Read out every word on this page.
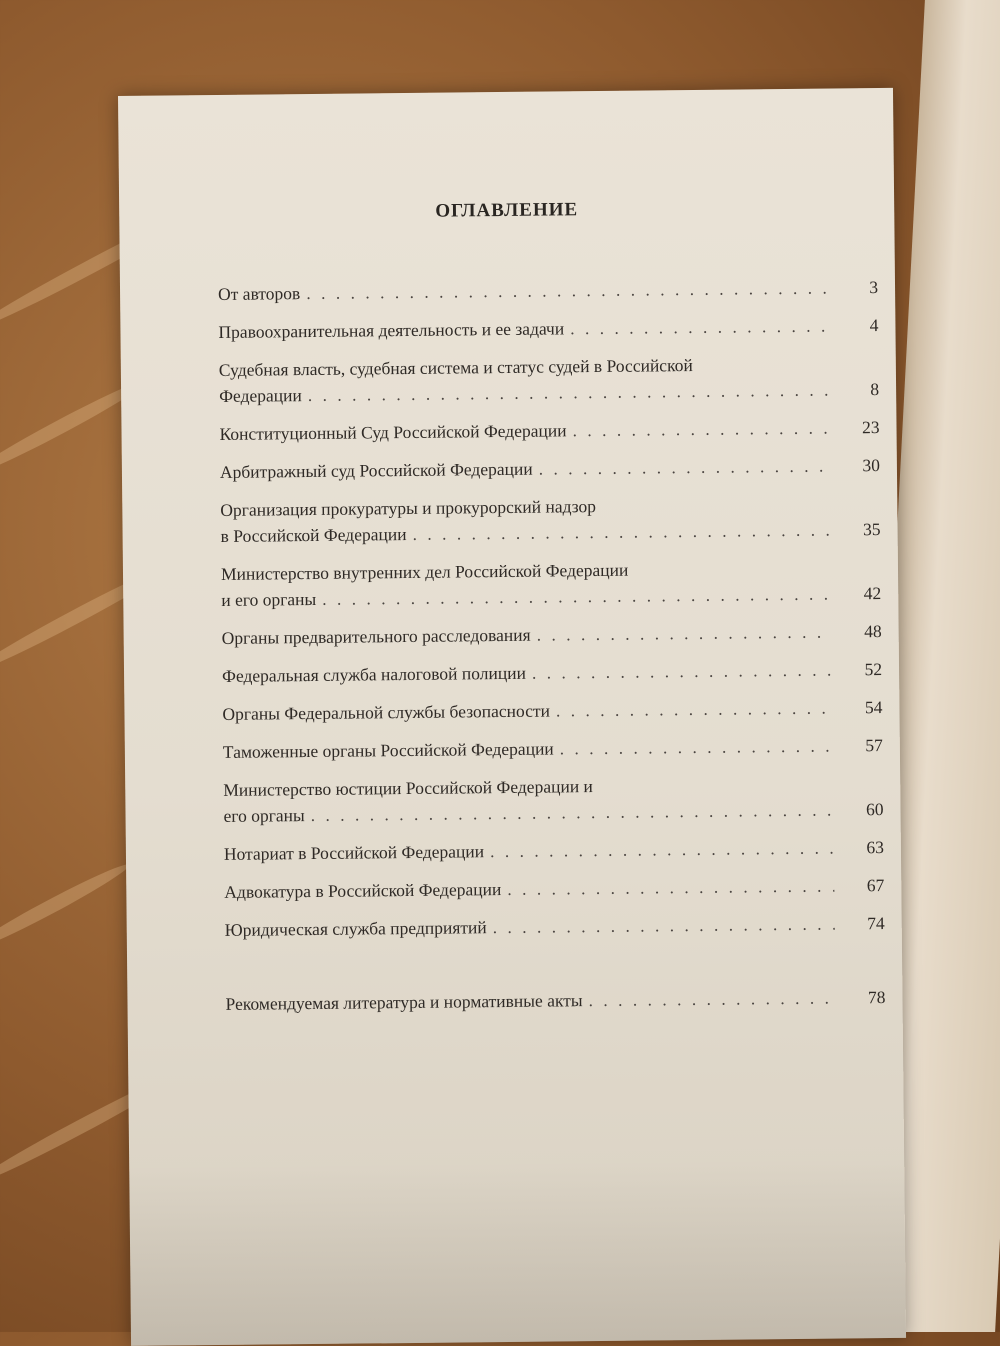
ОГЛАВЛЕНИЕ
От авторов . . .	3
Правоохранительная деятельность и ее задачи . . .	4
Судебная власть, судебная система и статус судей в Российской
Федерации . . .	8
Конституционный Суд Российской Федерации . . .	23
Арбитражный суд Российской Федерации . . .	30
Организация прокуратуры и прокурорский надзор
в Российской Федерации . . .	35
Министерство внутренних дел Российской Федерации
и его органы . . .	42
Органы предварительного расследования . . .	48
Федеральная служба налоговой полиции . . .	52
Органы Федеральной службы безопасности . . .	54
Таможенные органы Российской Федерации . . .	57
Министерство юстиции Российской Федерации и
его органы . . .	60
Нотариат в Российской Федерации . . .	63
Адвокатура в Российской Федерации . . .	67
Юридическая служба предприятий . . .	74
Рекомендуемая литература и нормативные акты . . .	78
